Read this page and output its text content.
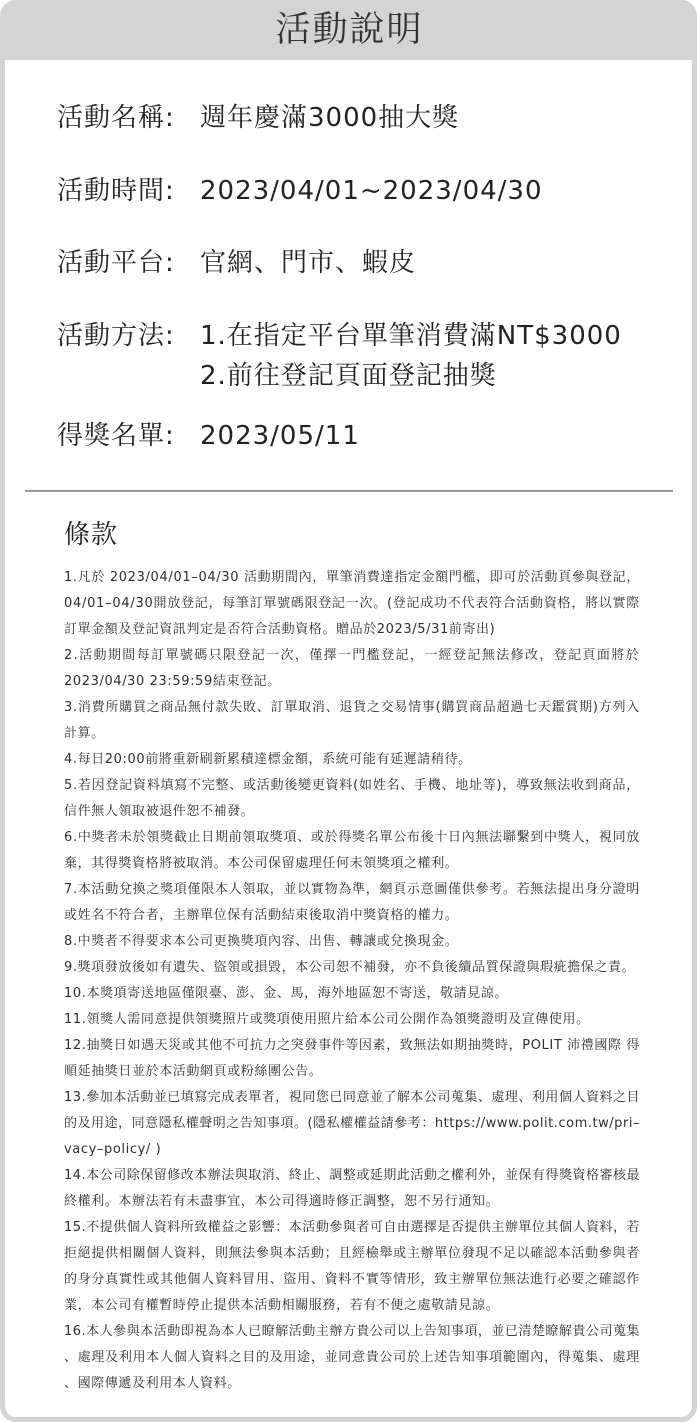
活動說明
活動名稱: 週年慶滿3000抽大獎
活動時間: 2023/04/01~2023/04/30
活動平台: 官網、門市、蝦皮
活動方法: 1.在指定平台單筆消費滿NT$3000
2.前往登記頁面登記抽獎
得獎名單: 2023/05/11
條款
1.凡於 2023/04/01–04/30 活動期間內，單筆消費達指定金額門檻，即可於活動頁參與登記，
04/01–04/30開放登記，每筆訂單號碼限登記一次。(登記成功不代表符合活動資格，將以實際
訂單金額及登記資訊判定是否符合活動資格。贈品於2023/5/31前寄出)
2.活動期間每訂單號碼只限登記一次，僅擇一門檻登記，一經登記無法修改，登記頁面將於
2023/04/30 23:59:59結束登記。
3.消費所購買之商品無付款失敗、訂單取消、退貨之交易情事(購買商品超過七天鑑賞期)方列入
計算。
4.每日20:00前將重新刷新累積達標金額，系統可能有延遲請稍待。
5.若因登記資料填寫不完整、或活動後變更資料(如姓名、手機、地址等)，導致無法收到商品，
信件無人領取被退件恕不補發。
6.中獎者未於領獎截止日期前領取獎項、或於得獎名單公布後十日內無法聯繫到中獎人，視同放
棄，其得獎資格將被取消。本公司保留處理任何未領獎項之權利。
7.本活動兌換之獎項僅限本人領取，並以實物為準，網頁示意圖僅供參考。若無法提出身分證明
或姓名不符合者，主辦單位保有活動結束後取消中獎資格的權力。
8.中獎者不得要求本公司更換獎項內容、出售、轉讓或兌換現金。
9.獎項發放後如有遺失、盜領或損毀，本公司恕不補發，亦不負後續品質保證與瑕疵擔保之責。
10.本獎項寄送地區僅限臺、澎、金、馬，海外地區恕不寄送，敬請見諒。
11.領獎人需同意提供領獎照片或獎項使用照片給本公司公開作為領獎證明及宣傳使用。
12.抽獎日如遇天災或其他不可抗力之突發事件等因素，致無法如期抽獎時，POLIT 沛禮國際 得
順延抽獎日並於本活動網頁或粉絲團公告。
13.參加本活動並已填寫完成表單者，視同您已同意並了解本公司蒐集、處理、利用個人資料之目
的及用途，同意隱私權聲明之告知事項。(隱私權權益請參考：https://www.polit.com.tw/pri–
vacy–policy/ )
14.本公司除保留修改本辦法與取消、終止、調整或延期此活動之權利外，並保有得獎資格審核最
終權利。本辦法若有未盡事宜，本公司得適時修正調整，恕不另行通知。
15.不提供個人資料所致權益之影響：本活動參與者可自由選擇是否提供主辦單位其個人資料，若
拒絕提供相關個人資料，則無法參與本活動；且經檢舉或主辦單位發現不足以確認本活動參與者
的身分真實性或其他個人資料冒用、盜用、資料不實等情形，致主辦單位無法進行必要之確認作
業，本公司有權暫時停止提供本活動相關服務，若有不便之處敬請見諒。
16.本人參與本活動即視為本人已瞭解活動主辦方貴公司以上告知事項，並已清楚瞭解貴公司蒐集
、處理及利用本人個人資料之目的及用途，並同意貴公司於上述告知事項範圍內，得蒐集、處理
、國際傳遞及利用本人資料。
